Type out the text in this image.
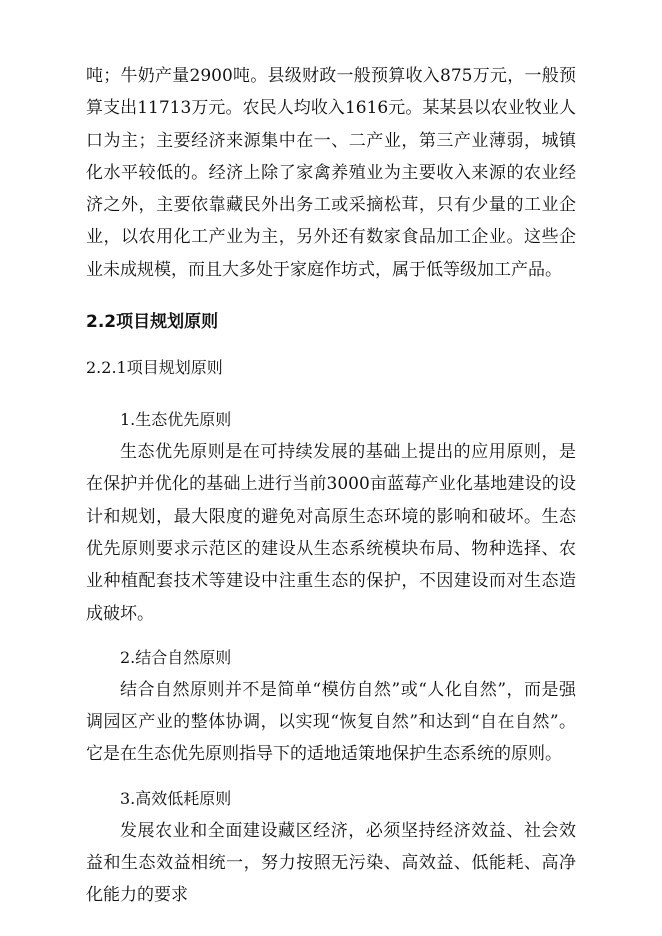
吨；牛奶产量2900吨。县级财政一般预算收入875万元，一般预算支出11713万元。农民人均收入1616元。某某县以农业牧业人口为主；主要经济来源集中在一、二产业，第三产业薄弱，城镇化水平较低的。经济上除了家禽养殖业为主要收入来源的农业经济之外，主要依靠藏民外出务工或采摘松茸，只有少量的工业企业，以农用化工产业为主，另外还有数家食品加工企业。这些企业未成规模，而且大多处于家庭作坊式，属于低等级加工产品。

2.2项目规划原则
2.2.1项目规划原则
1.生态优先原则

生态优先原则是在可持续发展的基础上提出的应用原则，是在保护并优化的基础上进行当前3000亩蓝莓产业化基地建设的设计和规划，最大限度的避免对高原生态环境的影响和破坏。生态优先原则要求示范区的建设从生态系统模块布局、物种选择、农业种植配套技术等建设中注重生态的保护，不因建设而对生态造成破坏。

2.结合自然原则

结合自然原则并不是简单“模仿自然”或“人化自然”，而是强调园区产业的整体协调，以实现“恢复自然”和达到“自在自然”。它是在生态优先原则指导下的适地适策地保护生态系统的原则。

3.高效低耗原则

发展农业和全面建设藏区经济，必须坚持经济效益、社会效益和生态效益相统一，努力按照无污染、高效益、低能耗、高净化能力的要求
